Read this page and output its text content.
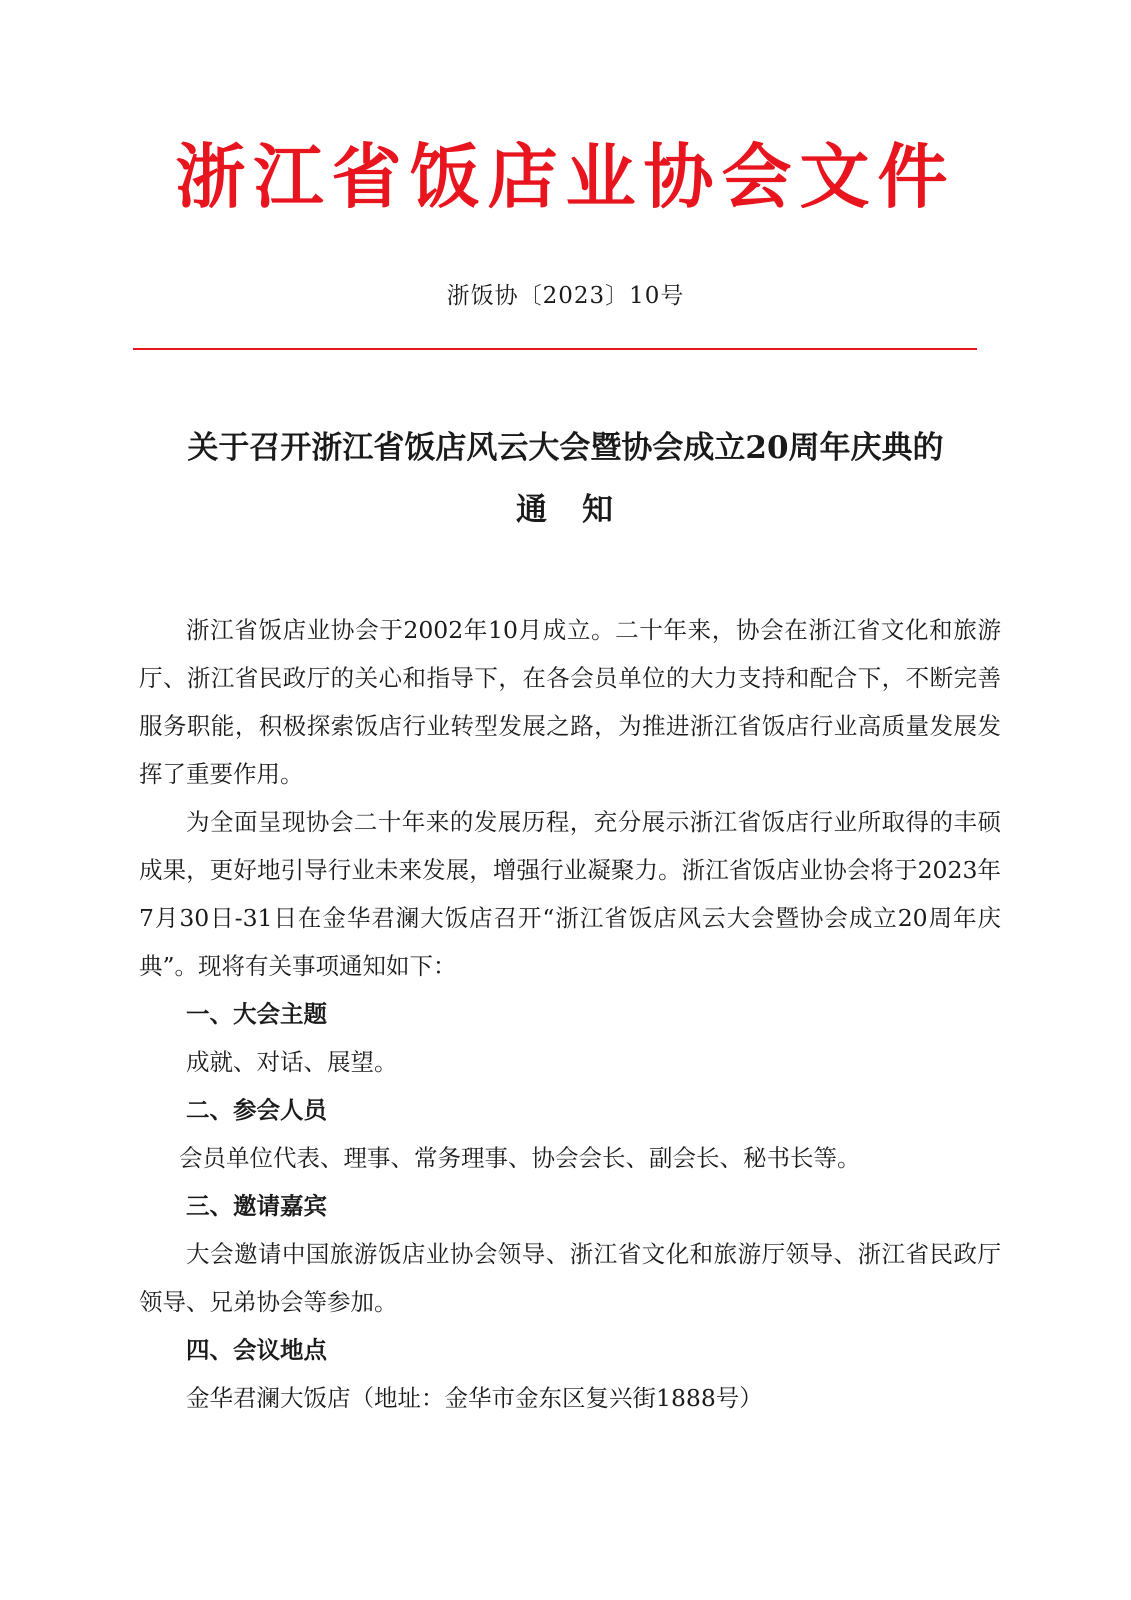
浙江省饭店业协会文件
浙饭协〔2023〕10号
关于召开浙江省饭店风云大会暨协会成立20周年庆典的
通　知

浙江省饭店业协会于2002年10月成立。二十年来，协会在浙江省文化和旅游厅、浙江省民政厅的关心和指导下，在各会员单位的大力支持和配合下，不断完善服务职能，积极探索饭店行业转型发展之路，为推进浙江省饭店行业高质量发展发挥了重要作用。

为全面呈现协会二十年来的发展历程，充分展示浙江省饭店行业所取得的丰硕成果，更好地引导行业未来发展，增强行业凝聚力。浙江省饭店业协会将于2023年7月30日-31日在金华君澜大饭店召开“浙江省饭店风云大会暨协会成立20周年庆典”。现将有关事项通知如下：

一、大会主题

成就、对话、展望。

二、参会人员

会员单位代表、理事、常务理事、协会会长、副会长、秘书长等。

三、邀请嘉宾

大会邀请中国旅游饭店业协会领导、浙江省文化和旅游厅领导、浙江省民政厅领导、兄弟协会等参加。

四、会议地点

金华君澜大饭店（地址：金华市金东区复兴街1888号）
